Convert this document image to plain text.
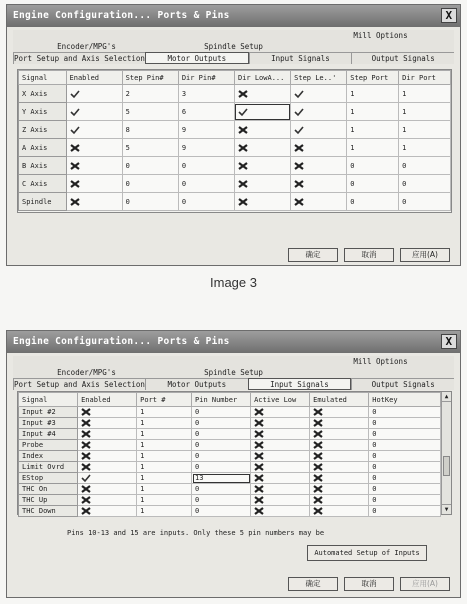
Engine Configuration... Ports & Pins	X
Mill Options
Encoder/MPG's	Spindle Setup
Port Setup and Axis Selection	Motor Outputs	Input Signals	Output Signals
Signal	Enabled	Step Pin#	Dir Pin#	Dir LowA...	Step Le..'	Step Port	Dir Port
X Axis		2	3			1	1
Y Axis		5	6			1	1
Z Axis		8	9			1	1
A Axis		5	9			1	1
B Axis		0	0			0	0
C Axis		0	0			0	0
Spindle		0	0			0	0
确定	取消	应用(A)
Image 3
Engine Configuration... Ports & Pins	X
Mill Options
Encoder/MPG's	Spindle Setup
Port Setup and Axis Selection	Motor Outputs	Input Signals	Output Signals
Signal	Enabled	Port #	Pin Number	Active Low	Emulated	HotKey
Input #2		1	0			0
Input #3		1	0			0
Input #4		1	0			0
Probe		1	0			0
Index		1	0			0
Limit Ovrd		1	0			0
EStop		1	13			0
THC On		1	0			0
THC Up		1	0			0
THC Down		1	0			0
▲
▼
Pins 10-13 and 15 are inputs. Only these 5 pin numbers may be
Automated Setup of Inputs
确定	取消	应用(A)
